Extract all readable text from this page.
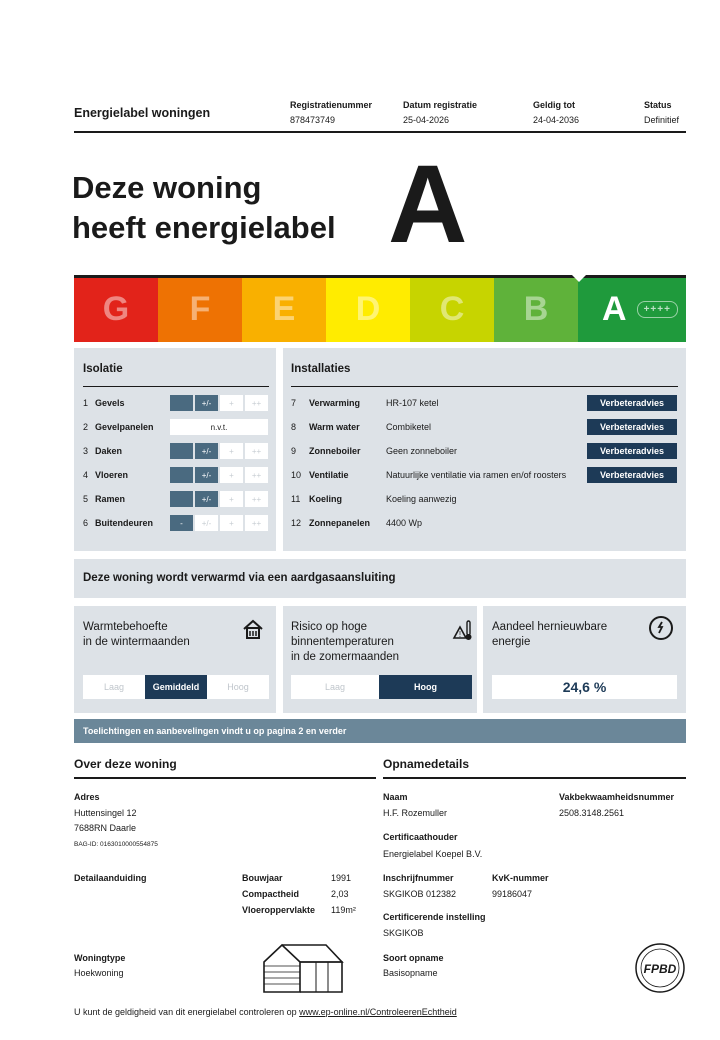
Energielabel woningen
Registratienummer
878473749
Datum registratie
25-04-2026
Geldig tot
24-04-2036
Status
Definitief
Deze woning
heeft energielabel A
G F E D C B A	++++
Isolatie
1 Gevels	+/-	+	++
2 Gevelpanelen	n.v.t.
3 Daken	+/-	+	++
4 Vloeren	+/-	+	++
5 Ramen	+/-	+	++
6 Buitendeuren	-	+/-	+	++
Installaties
7	Verwarming	HR-107 ketel	Verbeteradvies
8	Warm water	Combiketel	Verbeteradvies
9	Zonneboiler	Geen zonneboiler	Verbeteradvies
10 Ventilatie	Natuurlijke ventilatie via ramen en/of roosters	Verbeteradvies
11 Koeling	Koeling aanwezig
12 Zonnepanelen 4400 Wp
Deze woning wordt verwarmd via een aardgasaansluiting
Warmtebehoefte
in de wintermaanden
Laag	Gemiddeld	Hoog
Risico op hoge
binnentemperaturen
in de zomermaanden
!
Laag	Hoog
Aandeel hernieuwbare
energie
24,6 %
Toelichtingen en aanbevelingen vindt u op pagina 2 en verder
Over deze woning
Adres
Huttensingel 12
7688RN Daarle
BAG-ID: 0163010000554875
Detailaanduiding	Bouwjaar	1991
Compactheid	2,03
Vloeroppervlakte 119m²
Woningtype
Hoekwoning
Opnamedetails
Naam
H.F. Rozemuller
Vakbekwaamheidsnummer
2508.3148.2561
Certificaathouder
Energielabel Koepel B.V.
Inschrijfnummer
SKGIKOB 012382
KvK-nummer
99186047
Certificerende instelling
SKGIKOB
Soort opname
Basisopname	FPBD
U kunt de geldigheid van dit energielabel controleren op www.ep-online.nl/ControleerenEchtheid
